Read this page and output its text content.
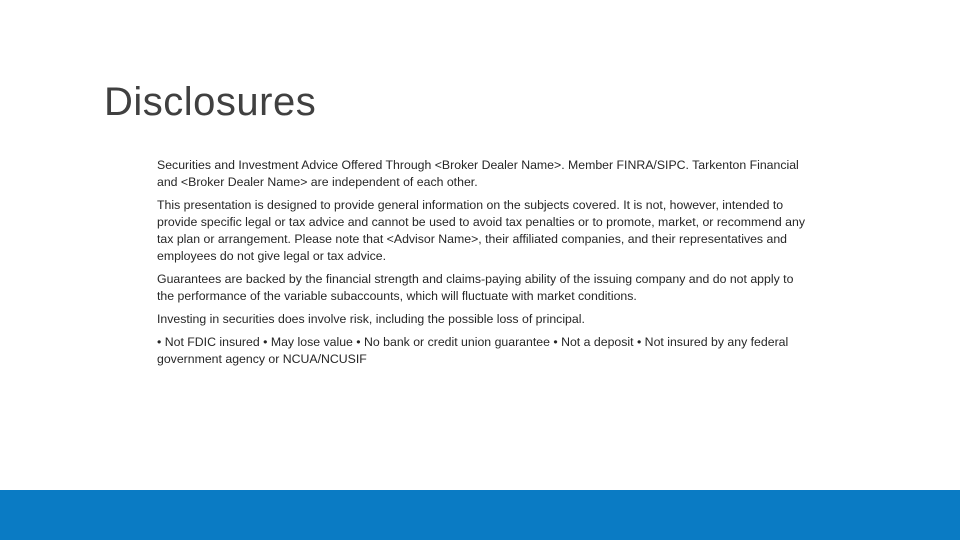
Disclosures

Securities and Investment Advice Offered Through <Broker Dealer Name>. Member FINRA/SIPC. Tarkenton Financial and <Broker Dealer Name> are independent of each other.

This presentation is designed to provide general information on the subjects covered. It is not, however, intended to provide specific legal or tax advice and cannot be used to avoid tax penalties or to promote, market, or recommend any tax plan or arrangement. Please note that <Advisor Name>, their affiliated companies, and their representatives and employees do not give legal or tax advice.

Guarantees are backed by the financial strength and claims-paying ability of the issuing company and do not apply to the performance of the variable subaccounts, which will fluctuate with market conditions.

Investing in securities does involve risk, including the possible loss of principal.

• Not FDIC insured • May lose value • No bank or credit union guarantee • Not a deposit • Not insured by any federal government agency or NCUA/NCUSIF
